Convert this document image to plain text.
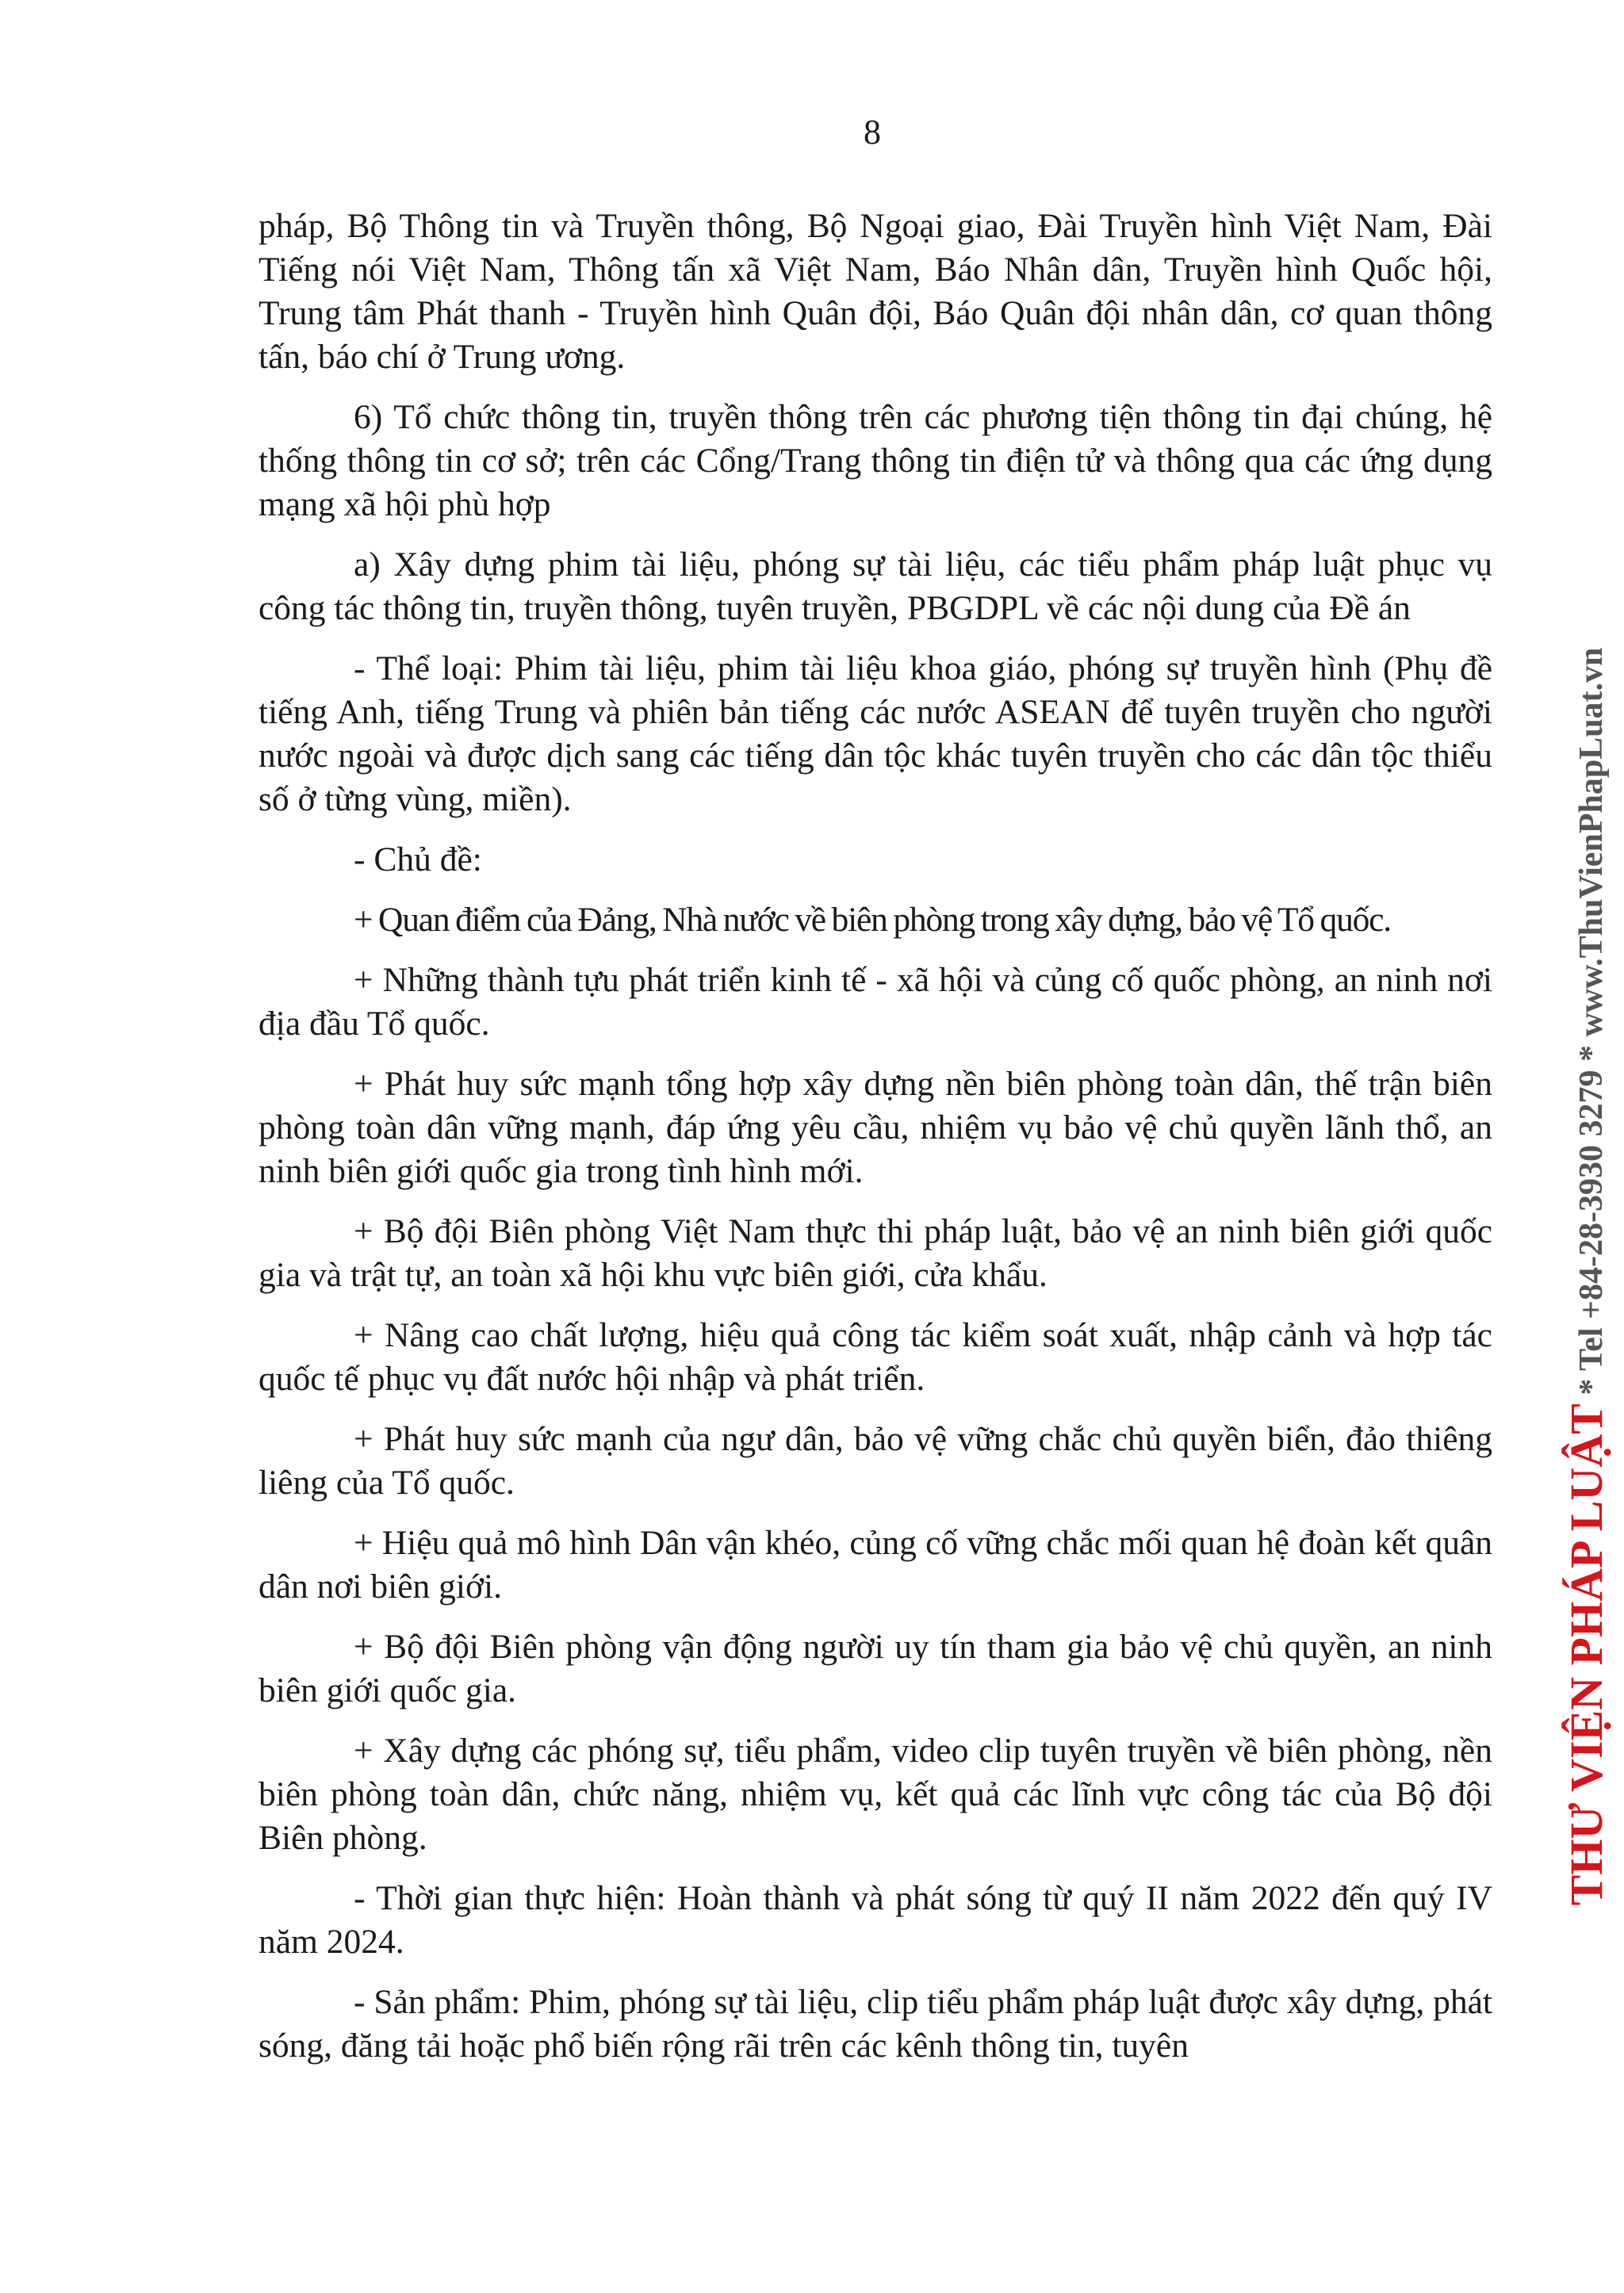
8

pháp, Bộ Thông tin và Truyền thông, Bộ Ngoại giao, Đài Truyền hình Việt Nam, Đài Tiếng nói Việt Nam, Thông tấn xã Việt Nam, Báo Nhân dân, Truyền hình Quốc hội, Trung tâm Phát thanh - Truyền hình Quân đội, Báo Quân đội nhân dân, cơ quan thông tấn, báo chí ở Trung ương.

6) Tổ chức thông tin, truyền thông trên các phương tiện thông tin đại chúng, hệ thống thông tin cơ sở; trên các Cổng/Trang thông tin điện tử và thông qua các ứng dụng mạng xã hội phù hợp

a) Xây dựng phim tài liệu, phóng sự tài liệu, các tiểu phẩm pháp luật phục vụ công tác thông tin, truyền thông, tuyên truyền, PBGDPL về các nội dung của Đề án

- Thể loại: Phim tài liệu, phim tài liệu khoa giáo, phóng sự truyền hình (Phụ đề tiếng Anh, tiếng Trung và phiên bản tiếng các nước ASEAN để tuyên truyền cho người nước ngoài và được dịch sang các tiếng dân tộc khác tuyên truyền cho các dân tộc thiểu số ở từng vùng, miền).

- Chủ đề:

+ Quan điểm của Đảng, Nhà nước về biên phòng trong xây dựng, bảo vệ Tổ quốc.

+ Những thành tựu phát triển kinh tế - xã hội và củng cố quốc phòng, an ninh nơi địa đầu Tổ quốc.

+ Phát huy sức mạnh tổng hợp xây dựng nền biên phòng toàn dân, thế trận biên phòng toàn dân vững mạnh, đáp ứng yêu cầu, nhiệm vụ bảo vệ chủ quyền lãnh thổ, an ninh biên giới quốc gia trong tình hình mới.

+ Bộ đội Biên phòng Việt Nam thực thi pháp luật, bảo vệ an ninh biên giới quốc gia và trật tự, an toàn xã hội khu vực biên giới, cửa khẩu.

+ Nâng cao chất lượng, hiệu quả công tác kiểm soát xuất, nhập cảnh và hợp tác quốc tế phục vụ đất nước hội nhập và phát triển.

+ Phát huy sức mạnh của ngư dân, bảo vệ vững chắc chủ quyền biển, đảo thiêng liêng của Tổ quốc.

+ Hiệu quả mô hình Dân vận khéo, củng cố vững chắc mối quan hệ đoàn kết quân dân nơi biên giới.

+ Bộ đội Biên phòng vận động người uy tín tham gia bảo vệ chủ quyền, an ninh biên giới quốc gia.

+ Xây dựng các phóng sự, tiểu phẩm, video clip tuyên truyền về biên phòng, nền biên phòng toàn dân, chức năng, nhiệm vụ, kết quả các lĩnh vực công tác của Bộ đội Biên phòng.

- Thời gian thực hiện: Hoàn thành và phát sóng từ quý II năm 2022 đến quý IV năm 2024.

- Sản phẩm: Phim, phóng sự tài liệu, clip tiểu phẩm pháp luật được xây dựng, phát sóng, đăng tải hoặc phổ biến rộng rãi trên các kênh thông tin, tuyên

THƯ VIỆN PHÁP LUẬT * Tel +84-28-3930 3279 * www.ThuVienPhapLuat.vn
